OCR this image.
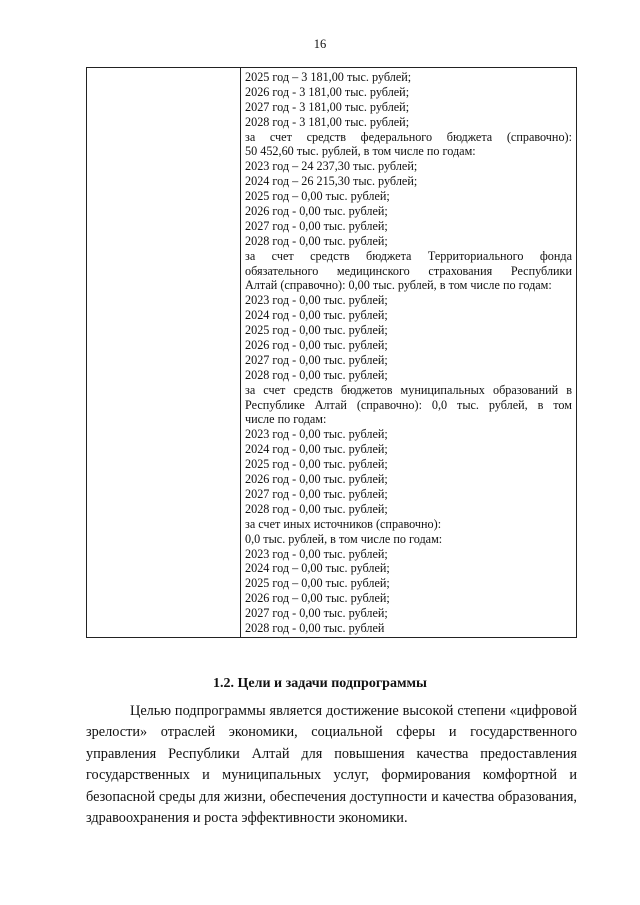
16
2025 год – 3 181,00 тыс. рублей;
2026 год - 3 181,00 тыс. рублей;
2027 год - 3 181,00 тыс. рублей;
2028 год - 3 181,00 тыс. рублей;
за счет средств федерального бюджета (справочно):
50 452,60 тыс. рублей, в том числе по годам:
2023 год – 24 237,30 тыс. рублей;
2024 год – 26 215,30 тыс. рублей;
2025 год – 0,00 тыс. рублей;
2026 год - 0,00 тыс. рублей;
2027 год - 0,00 тыс. рублей;
2028 год - 0,00 тыс. рублей;
за счет средств бюджета Территориального фонда
обязательного медицинского страхования Республики
Алтай (справочно): 0,00 тыс. рублей, в том числе по годам:
2023 год - 0,00 тыс. рублей;
2024 год - 0,00 тыс. рублей;
2025 год - 0,00 тыс. рублей;
2026 год - 0,00 тыс. рублей;
2027 год - 0,00 тыс. рублей;
2028 год - 0,00 тыс. рублей;
за счет средств бюджетов муниципальных образований в
Республике Алтай (справочно): 0,0 тыс. рублей, в том
числе по годам:
2023 год - 0,00 тыс. рублей;
2024 год - 0,00 тыс. рублей;
2025 год - 0,00 тыс. рублей;
2026 год - 0,00 тыс. рублей;
2027 год - 0,00 тыс. рублей;
2028 год - 0,00 тыс. рублей;
за счет иных источников (справочно):
0,0 тыс. рублей, в том числе по годам:
2023 год - 0,00 тыс. рублей;
2024 год – 0,00 тыс. рублей;
2025 год – 0,00 тыс. рублей;
2026 год – 0,00 тыс. рублей;
2027 год - 0,00 тыс. рублей;
2028 год - 0,00 тыс. рублей
1.2. Цели и задачи подпрограммы
Целью подпрограммы является достижение высокой степени «цифровой
зрелости» отраслей экономики, социальной сферы и государственного
управления Республики Алтай для повышения качества предоставления
государственных и муниципальных услуг, формирования комфортной и
безопасной среды для жизни, обеспечения доступности и качества образования,
здравоохранения и роста эффективности экономики.
